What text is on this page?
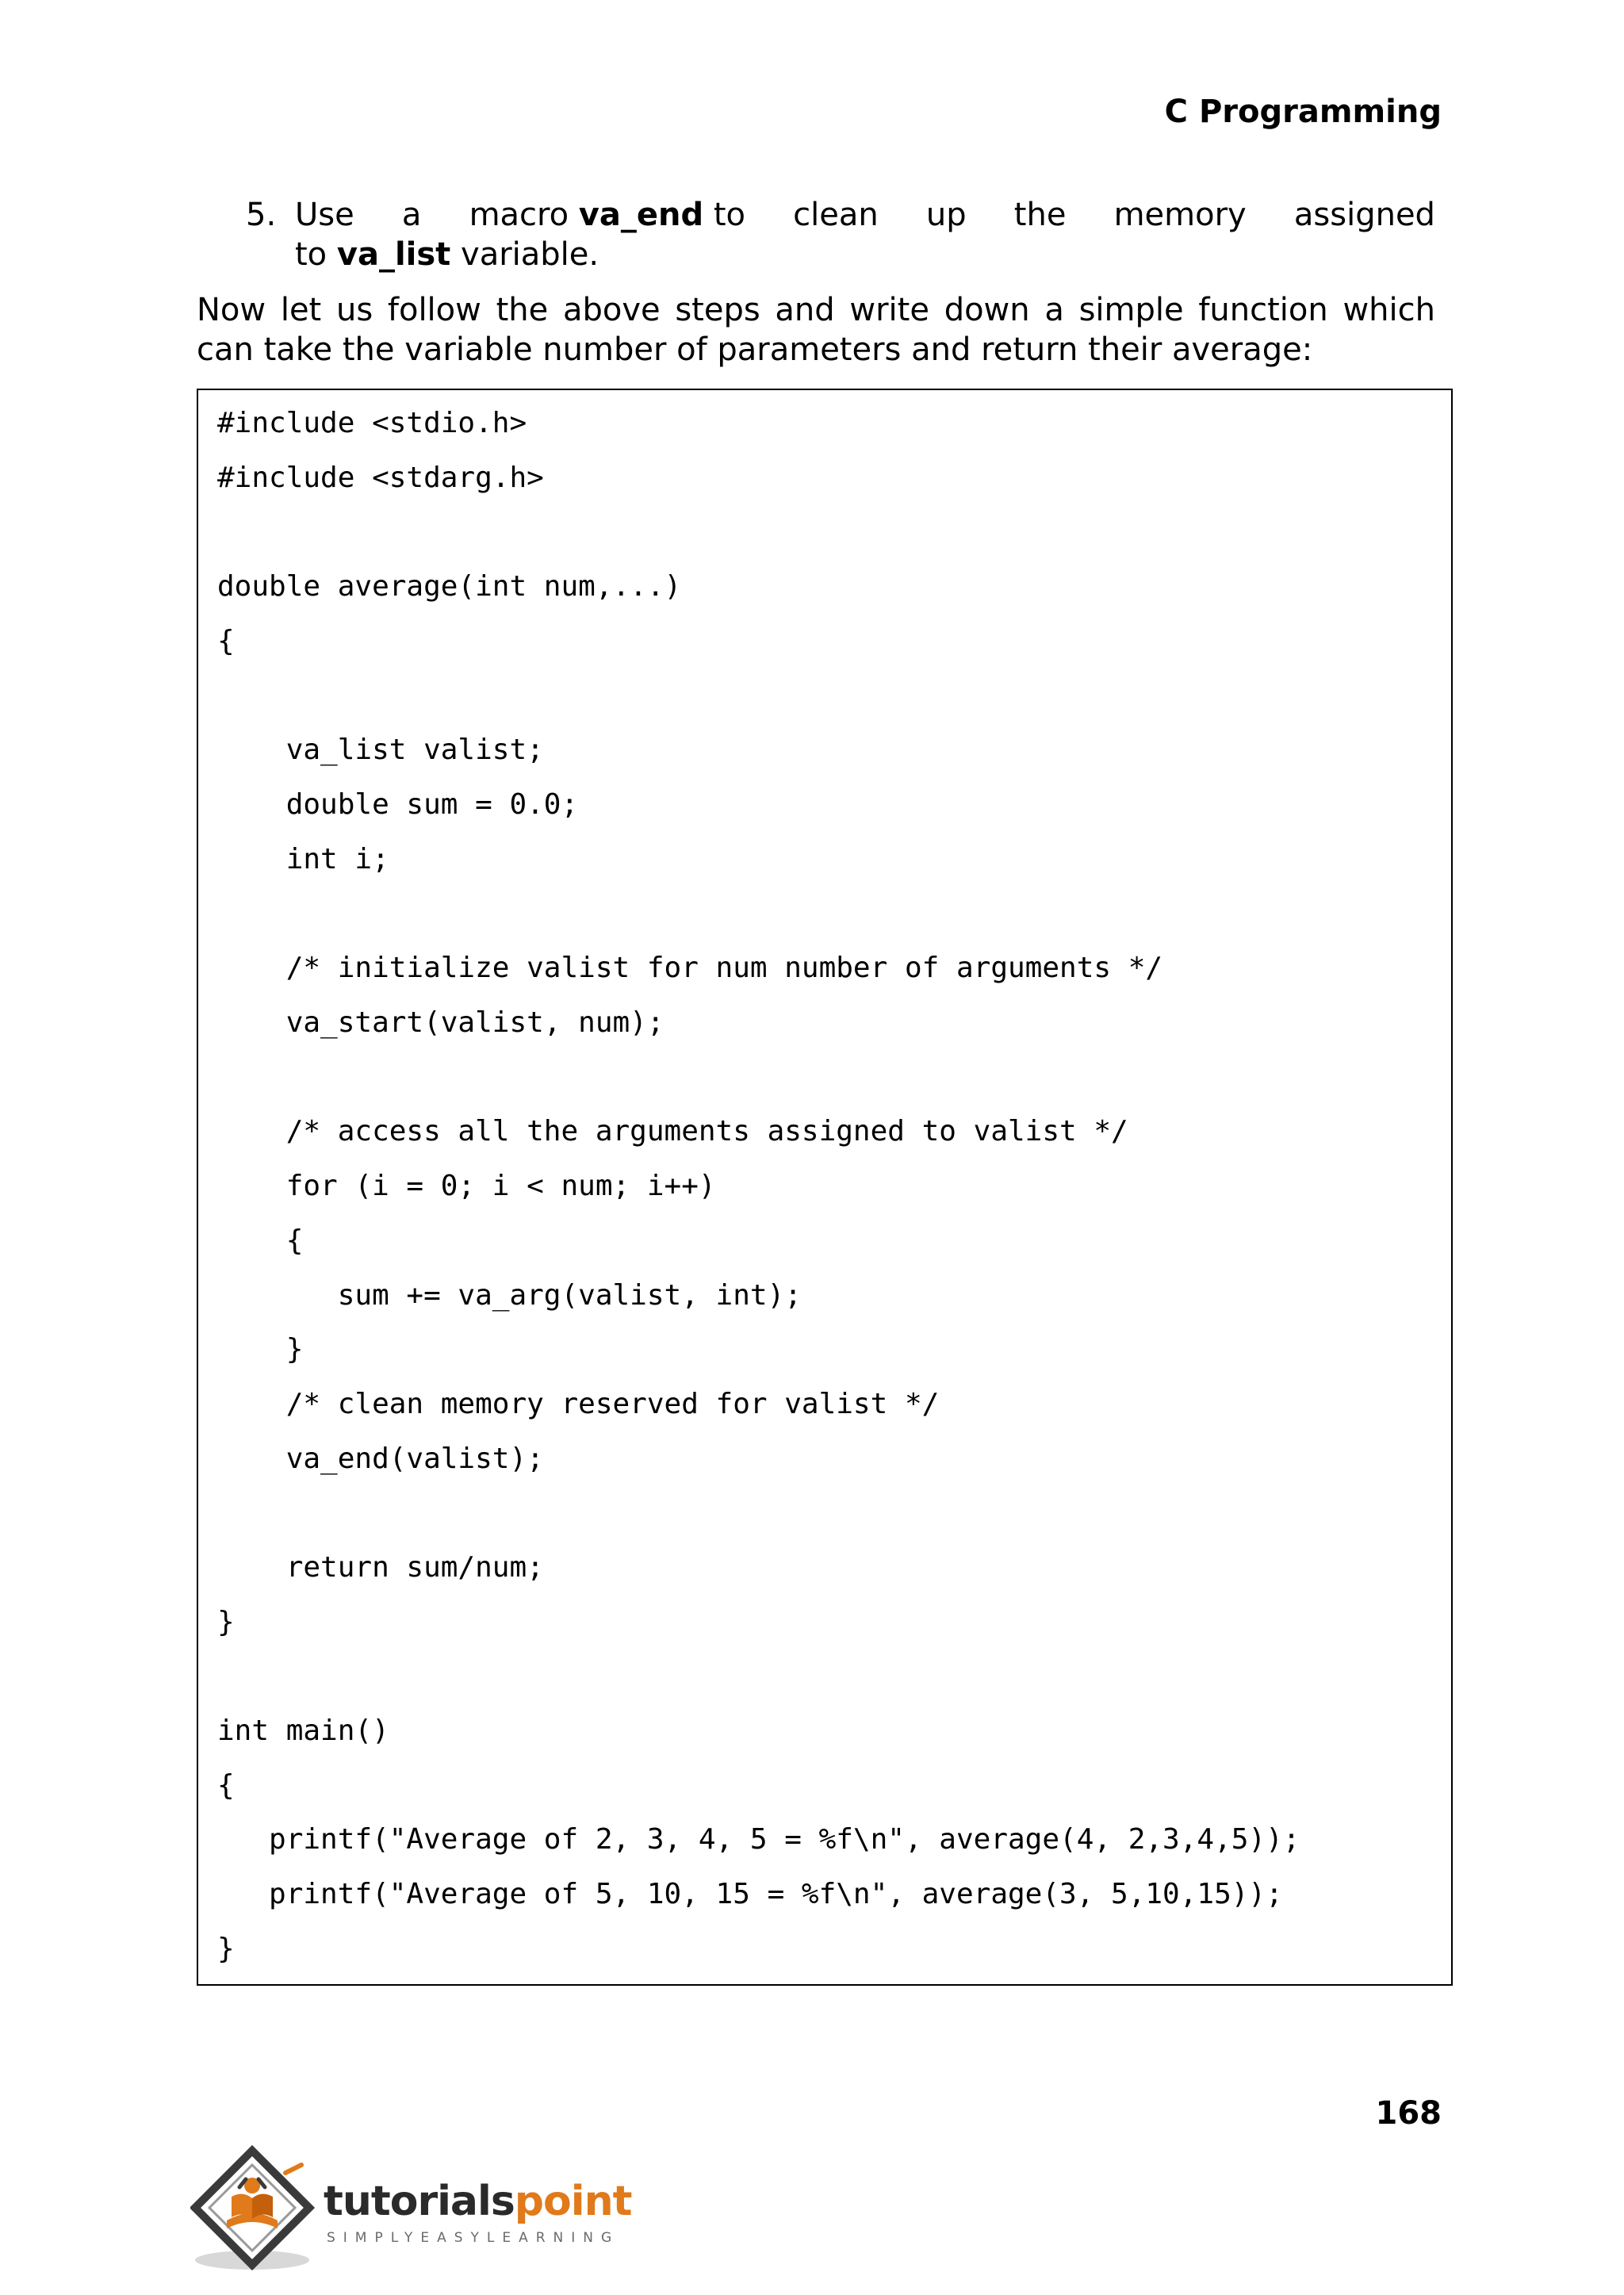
C Programming
5. Use a macro va_end to clean up the memory assigned
to va_list variable.
Now let us follow the above steps and write down a simple function which can take the variable number of parameters and return their average:
#include <stdio.h>
#include <stdarg.h>
double average(int num,...)
{
va_list valist;
double sum = 0.0;
int i;
/* initialize valist for num number of arguments */
va_start(valist, num);
/* access all the arguments assigned to valist */
for (i = 0; i < num; i++)
{
sum += va_arg(valist, int);
}
/* clean memory reserved for valist */
va_end(valist);
return sum/num;
}
int main()
{
printf("Average of 2, 3, 4, 5 = %f\n", average(4, 2,3,4,5));
printf("Average of 5, 10, 15 = %f\n", average(3, 5,10,15));
}
168
tutorialspoint
SIMPLYEASYLEARNING
